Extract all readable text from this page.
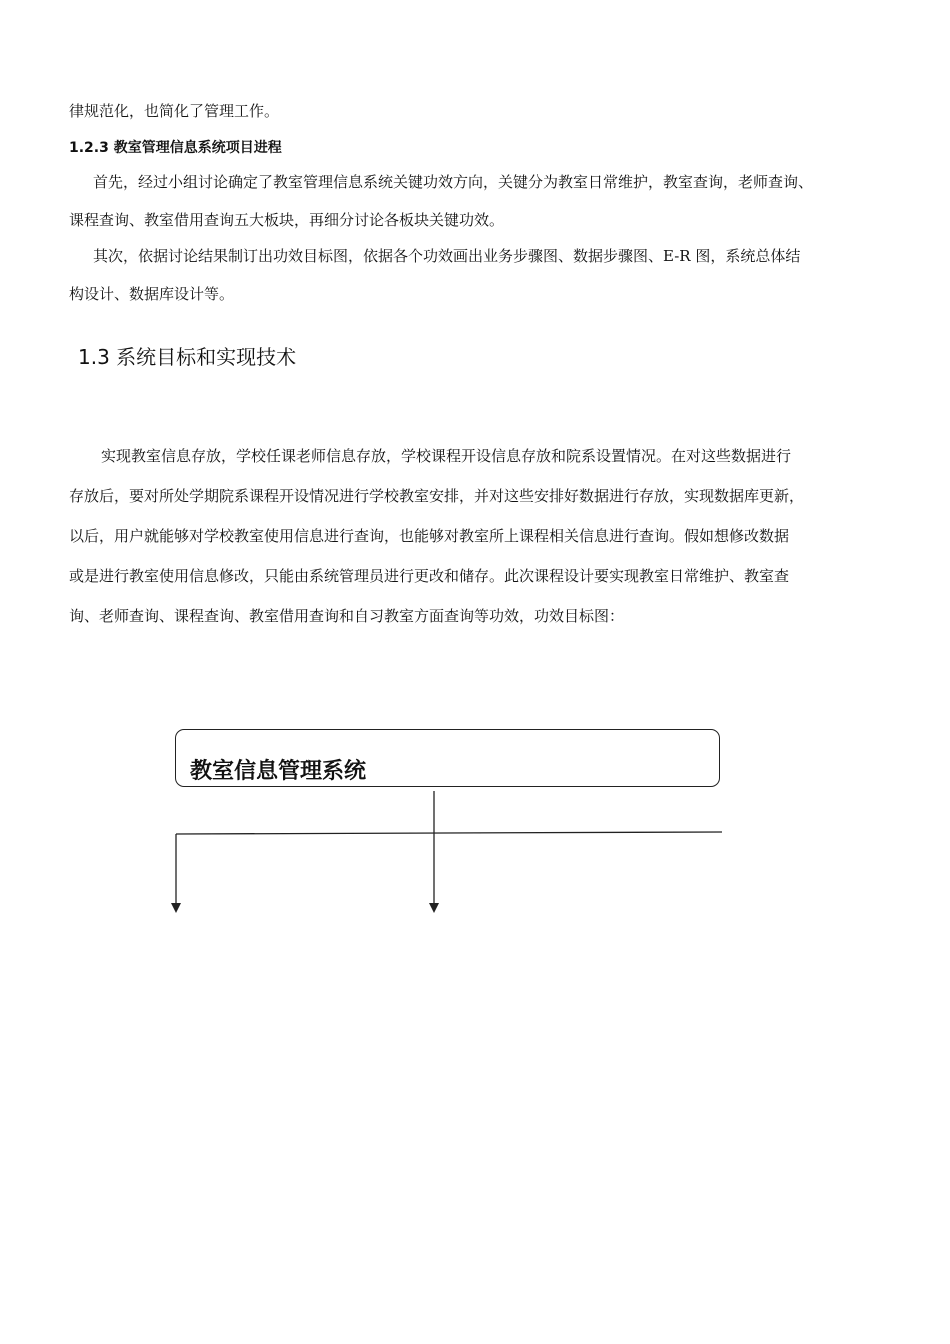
律规范化，也简化了管理工作。
1.2.3 教室管理信息系统项目进程
首先，经过小组讨论确定了教室管理信息系统关键功效方向，关键分为教室日常维护，教室查询，老师查询、
课程查询、教室借用查询五大板块，再细分讨论各板块关键功效。
其次，依据讨论结果制订出功效目标图，依据各个功效画出业务步骤图、数据步骤图、E-R 图，系统总体结
构设计、数据库设计等。
1.3 系统目标和实现技术
实现教室信息存放，学校任课老师信息存放，学校课程开设信息存放和院系设置情况。在对这些数据进行
存放后，要对所处学期院系课程开设情况进行学校教室安排，并对这些安排好数据进行存放，实现数据库更新，
以后，用户就能够对学校教室使用信息进行查询，也能够对教室所上课程相关信息进行查询。假如想修改数据
或是进行教室使用信息修改，只能由系统管理员进行更改和储存。此次课程设计要实现教室日常维护、教室查
询、老师查询、课程查询、教室借用查询和自习教室方面查询等功效，功效目标图：
教室信息管理系统
